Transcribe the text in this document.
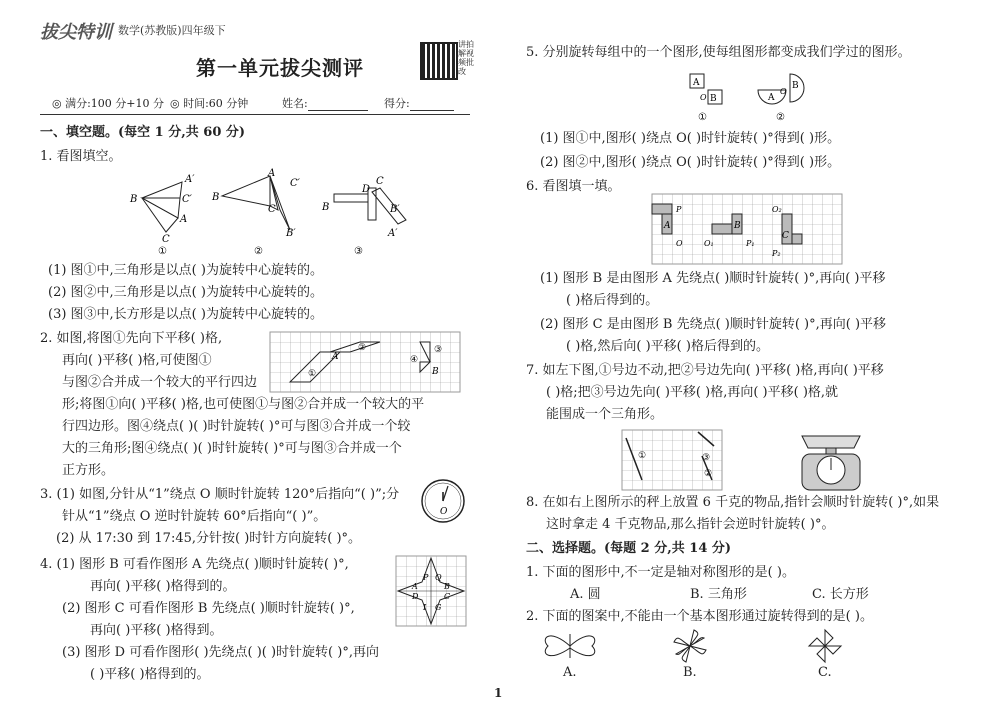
拔尖特训 数学(苏教版)四年级下
第一单元拔尖测评
讲拍解视频批改
◎ 满分:100 分+10 分 ◎ 时间:60 分钟	姓名:	得分:
一、填空题。(每空 1 分,共 60 分)
1. 看图填空。
B
A′
C′
A
C
B
A
C′
C
B′
B
D
C
B′
A′
①	②	③
(1) 图①中,三角形是以点( )为旋转中心旋转的。
(2) 图②中,三角形是以点( )为旋转中心旋转的。
(3) 图③中,长方形是以点( )为旋转中心旋转的。
2. 如图,将图①先向下平移( )格,
再向( )平移( )格,可使图①
与图②合并成一个较大的平行四边
A
②
①
④
③
B
形;将图①向( )平移( )格,也可使图①与图②合并成一个较大的平
行四边形。图④绕点( )( )时针旋转( )°可与图③合并成一个较
大的三角形;图④绕点( )( )时针旋转( )°可与图③合并成一个
正方形。
3. (1) 如图,分针从“1”绕点 O 顺时针旋转 120°后指向“( )”;分
针从“1”绕点 O 逆时针旋转 60°后指向“( )”。
(2) 从 17:30 到 17:45,分针按( )时针方向旋转( )°。
O
4. (1) 图形 B 可看作图形 A 先绕点( )顺时针旋转( )°,
再向( )平移( )格得到的。
(2) 图形 C 可看作图形 B 先绕点( )顺时针旋转( )°,
再向( )平移( )格得到。
(3) 图形 D 可看作图形( )先绕点( )( )时针旋转( )°,再向
( )平移( )格得到的。
P Q
A	B
D	C
I G
5. 分别旋转每组中的一个图形,使每组图形都变成我们学过的图形。
A
B
O
B
A
O
①	②
(1) 图①中,图形( )绕点 O( )时针旋转( )°得到( )形。
(2) 图②中,图形( )绕点 O( )时针旋转( )°得到( )形。
6. 看图填一填。
A	B
C
P
O	O₁	P₁
O₂
P₂
(1) 图形 B 是由图形 A 先绕点( )顺时针旋转( )°,再向( )平移
( )格后得到的。
(2) 图形 C 是由图形 B 先绕点( )顺时针旋转( )°,再向( )平移
( )格,然后向( )平移( )格后得到的。
7. 如左下图,①号边不动,把②号边先向( )平移( )格,再向( )平移
( )格;把③号边先向( )平移( )格,再向( )平移( )格,就
能围成一个三角形。
①	③
②
8. 在如右上图所示的秤上放置 6 千克的物品,指针会顺时针旋转( )°,如果
这时拿走 4 千克物品,那么指针会逆时针旋转( )°。
二、选择题。(每题 2 分,共 14 分)
1. 下面的图形中,不一定是轴对称图形的是( )。
A. 圆	B. 三角形	C. 长方形
2. 下面的图案中,不能由一个基本图形通过旋转得到的是( )。
A.	B.	C.
1
